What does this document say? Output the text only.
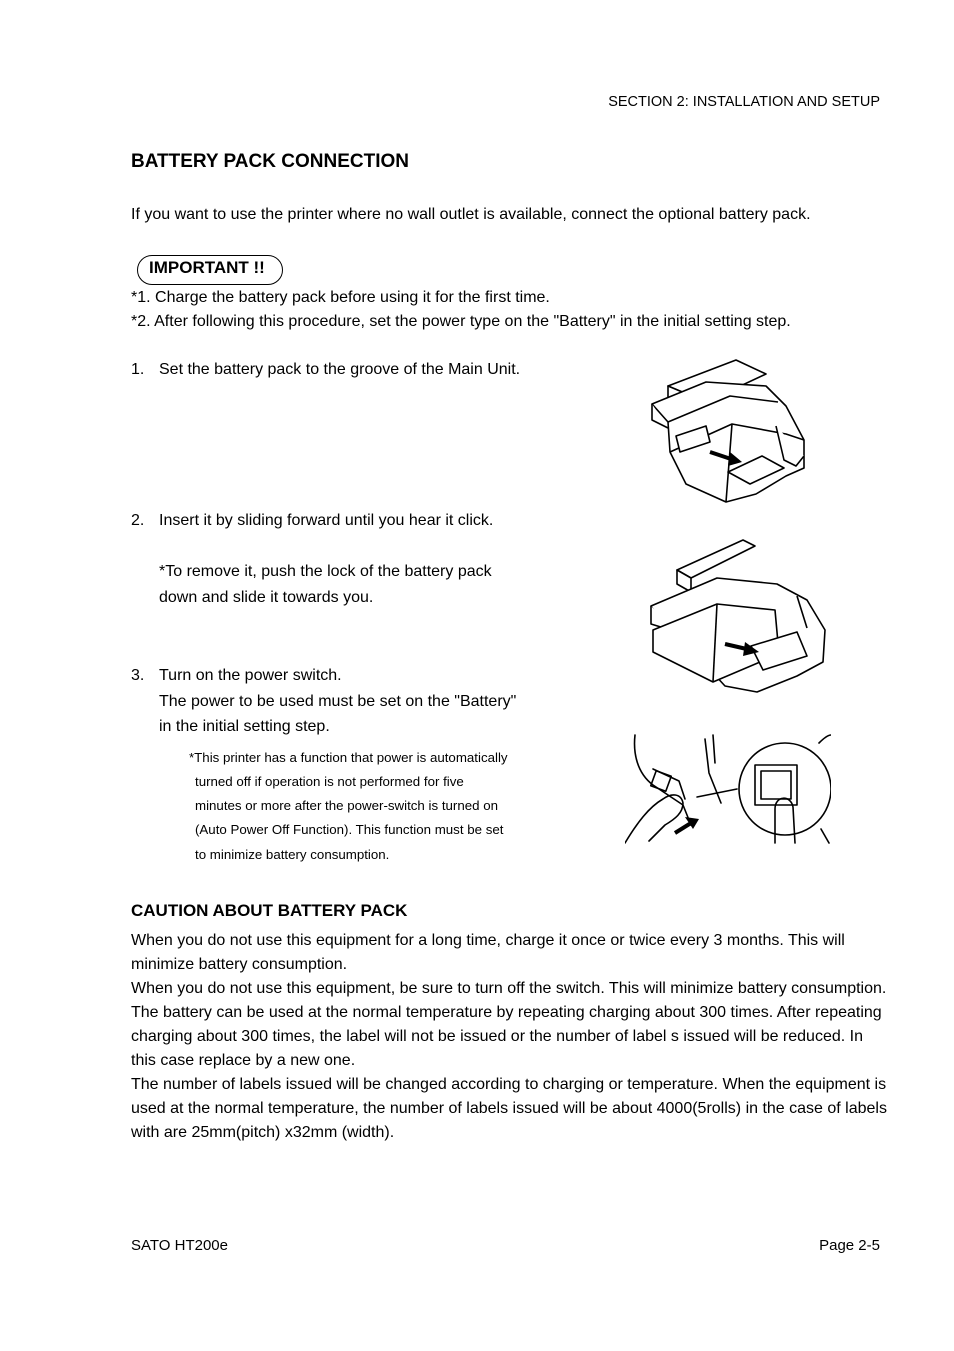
SECTION 2: INSTALLATION AND SETUP
BATTERY PACK CONNECTION
If you want to use the printer where no wall outlet is available, connect the optional battery pack.
IMPORTANT !!
*1. Charge the battery pack before using it for the first time.
*2. After following this procedure, set the power type on the "Battery" in the initial setting step.
1. Set the battery pack to the groove of the Main Unit.
2. Insert it by sliding forward until you hear it click.
*To remove it, push the lock of the battery pack
down and slide it towards you.
3. Turn on the power switch.
The power to be used must be set on the "Battery"
in the initial setting step.
*This printer has a function that power is automatically
turned off if operation is not performed for five
minutes or more after the power-switch is turned on
(Auto Power Off Function). This function must be set
to minimize battery consumption.
CAUTION ABOUT BATTERY PACK

When you do not use this equipment for a long time, charge it once or twice every 3 months. This will minimize battery consumption.

When you do not use this equipment, be sure to turn off the switch. This will minimize battery consumption.

The battery can be used at the normal temperature by repeating charging about 300 times. After repeating charging about 300 times, the label will not be issued or the number of label s issued will be reduced. In this case replace by a new one.

The number of labels issued will be changed according to charging or temperature. When the equipment is used at the normal temperature, the number of labels issued will be about 4000(5rolls) in the case of labels with are 25mm(pitch) x32mm (width).

SATO HT200e	Page 2-5
